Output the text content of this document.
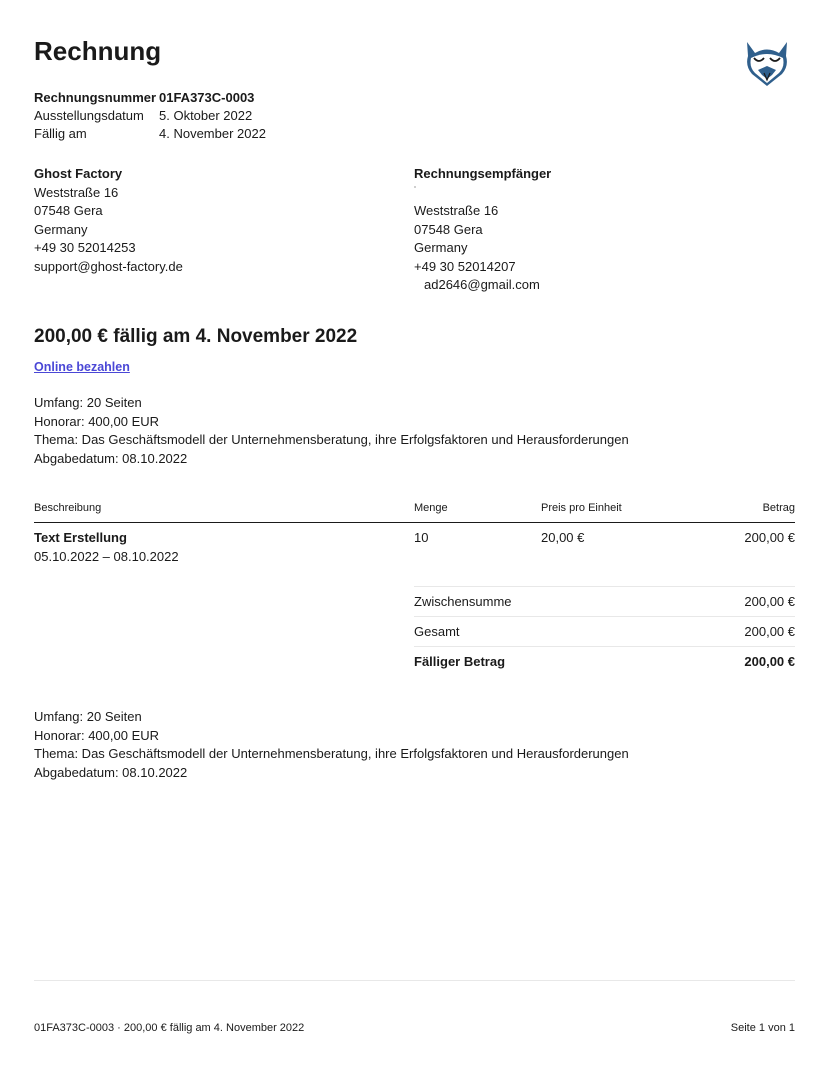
Rechnung
Rechnungsnummer 01FA373C-0003
Ausstellungsdatum	5. Oktober 2022
Fällig am	4. November 2022
Ghost Factory
Weststraße 16
07548 Gera
Germany
+49 30 52014253
support@ghost-factory.de
Rechnungsempfänger
Weststraße 16
07548 Gera
Germany
+49 30 52014207
ad2646@gmail.com
200,00 € fällig am 4. November 2022
Online bezahlen
Umfang: 20 Seiten
Honorar: 400,00 EUR
Thema: Das Geschäftsmodell der Unternehmensberatung, ihre Erfolgsfaktoren und Herausforderungen
Abgabedatum: 08.10.2022
Beschreibung	Menge	Preis pro Einheit	Betrag
Text Erstellung
05.10.2022 – 08.10.2022
10	20,00 €	200,00 €
Zwischensumme	200,00 €
Gesamt	200,00 €
Fälliger Betrag	200,00 €
Umfang: 20 Seiten
Honorar: 400,00 EUR
Thema: Das Geschäftsmodell der Unternehmensberatung, ihre Erfolgsfaktoren und Herausforderungen
Abgabedatum: 08.10.2022
01FA373C-0003 · 200,00 € fällig am 4. November 2022	Seite 1 von 1
